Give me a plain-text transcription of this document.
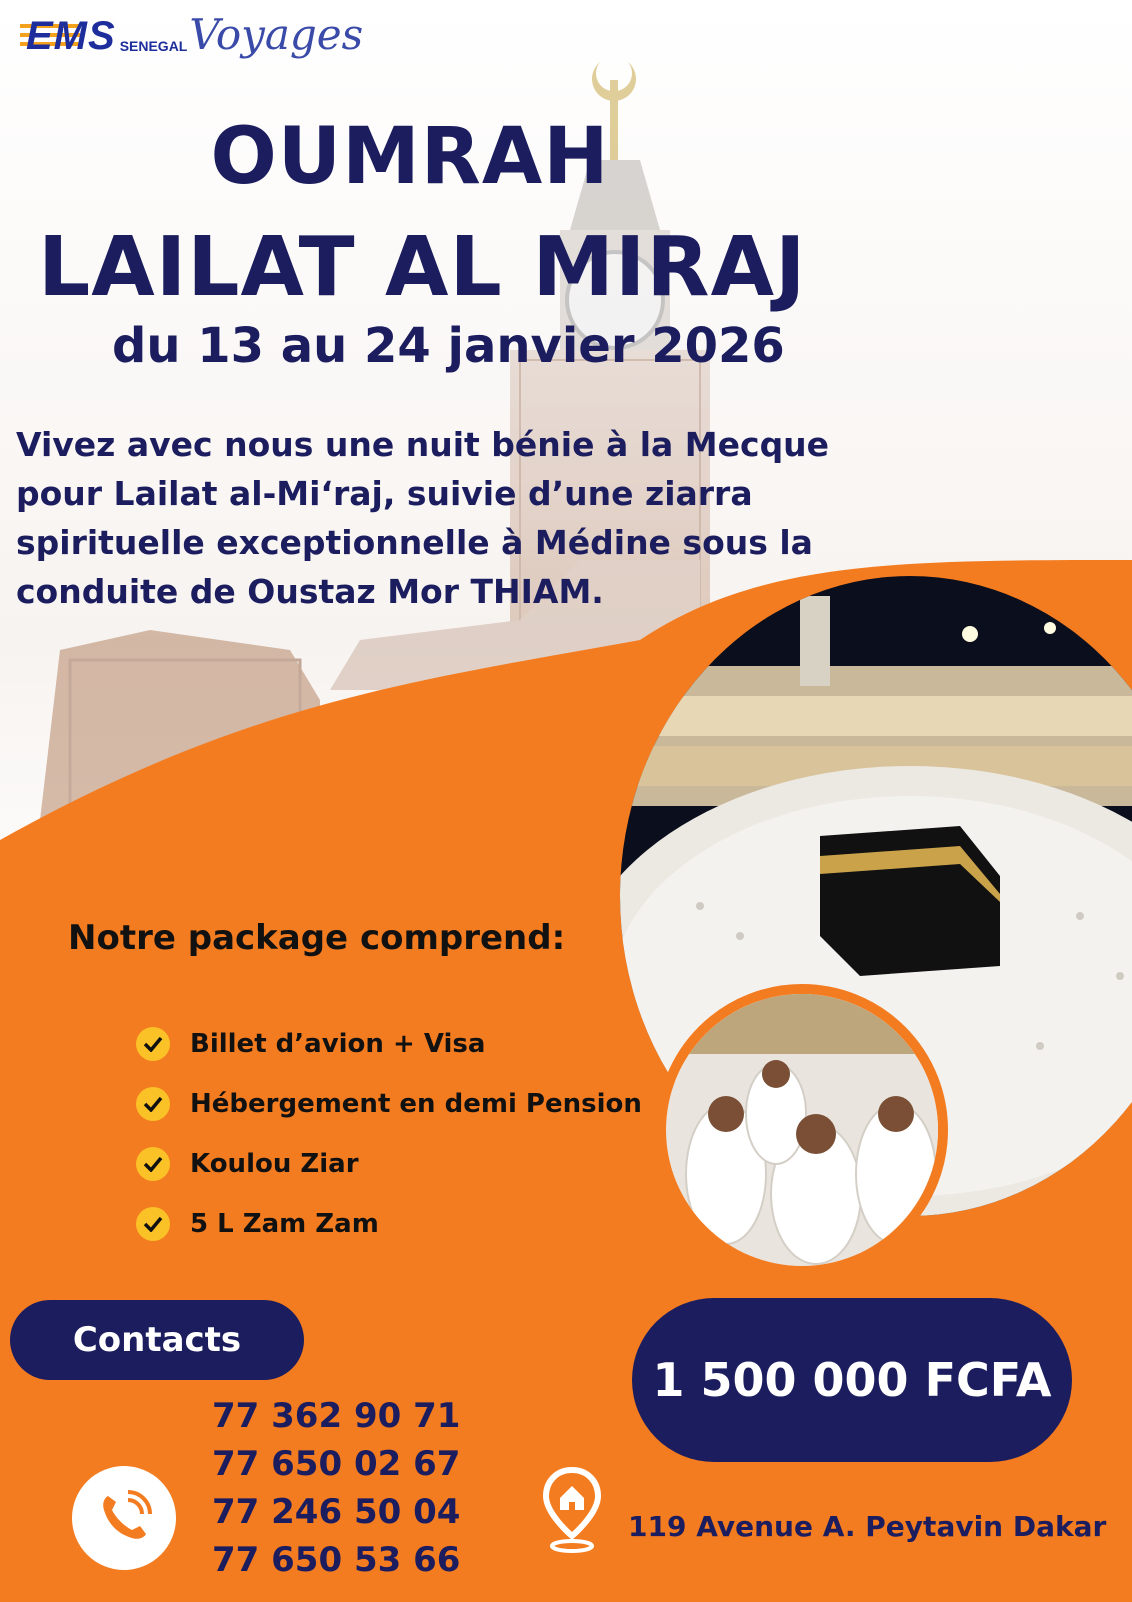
EMS SENEGAL Voyages
OUMRAH
LAILAT AL MIRAJ
du 13 au 24 janvier 2026
Vivez avec nous une nuit bénie à la Mecque
pour Lailat al-Mi‘raj, suivie d’une ziarra
spirituelle exceptionnelle à Médine sous la
conduite de Oustaz Mor THIAM.
Notre package comprend:
Billet d’avion + Visa
Hébergement en demi Pension
Koulou Ziar
5 L Zam Zam
Contacts
77 362 90 71
77 650 02 67
77 246 50 04
77 650 53 66
1 500 000 FCFA
119 Avenue A. Peytavin Dakar
